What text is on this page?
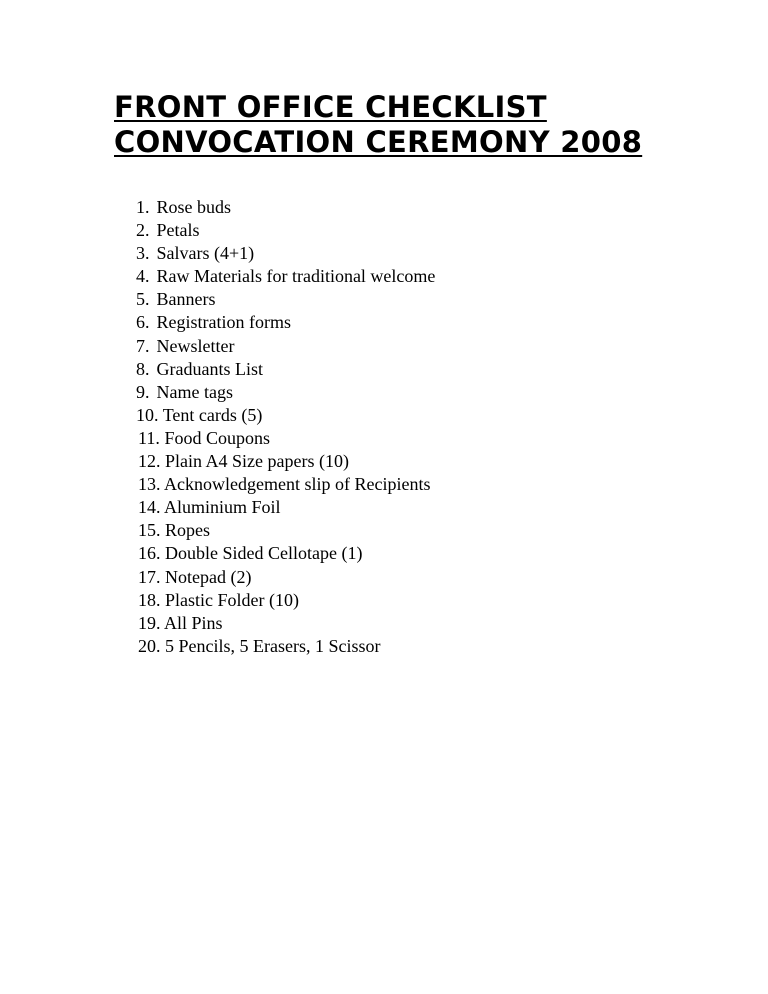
FRONT OFFICE CHECKLIST
CONVOCATION CEREMONY 2008
1. Rose buds
2. Petals
3. Salvars (4+1)
4. Raw Materials for traditional welcome
5. Banners
6. Registration forms
7. Newsletter
8. Graduants List
9. Name tags
10. Tent cards (5)
11. Food Coupons
12. Plain A4 Size papers (10)
13. Acknowledgement slip of Recipients
14. Aluminium Foil
15. Ropes
16. Double Sided Cellotape (1)
17. Notepad (2)
18. Plastic Folder (10)
19. All Pins
20. 5 Pencils, 5 Erasers, 1 Scissor
